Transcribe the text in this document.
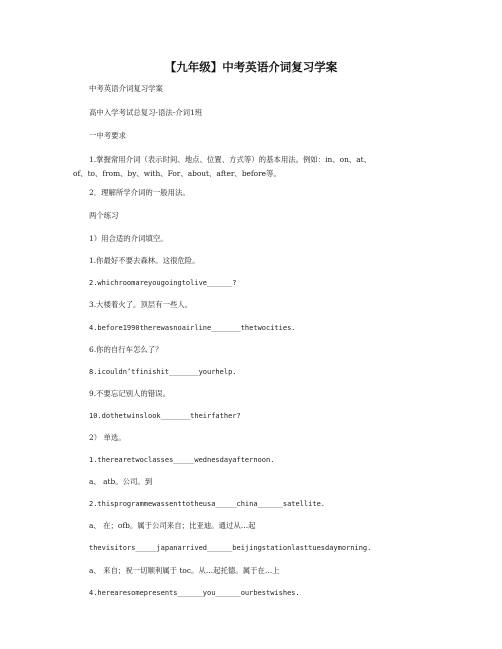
【九年级】中考英语介词复习学案
中考英语介词复习学案
高中入学考试总复习-语法-介词1班
一中考要求
1.掌握常用介词（表示时间、地点、位置、方式等）的基本用法。例如：in、on、at、
of、to、from、by、with、For、about、after、before等。
2．理解所学介词的一般用法。
两个练习
1）用合适的介词填空。
1.你最好不要去森林。这很危险。
2.whichroomareyougoingtolive______?
3.大楼着火了。顶层有一些人。
4.before1990therewasnoairline_______thetwocities.
6.你的自行车怎么了？
8.icouldn’tfinishit_______yourhelp.
9.不要忘记别人的错误。
10.dothetwinslook_______theirfather?
2） 单选。
1.therearetwoclasses_____wednesdayafternoon.
a、 atb。公司。到
2.thisprogrammewassenttotheusa_____china______satellite.
a、 在；ofb。属于公司来自；比亚迪。通过从…起
thevisitors_____japanarrived______beijingstationlasttuesdaymorning.
a、 来自；祝一切顺利属于 toc。从…起托德。属于在…上
4.herearesomepresents______you______ourbestwishes.
